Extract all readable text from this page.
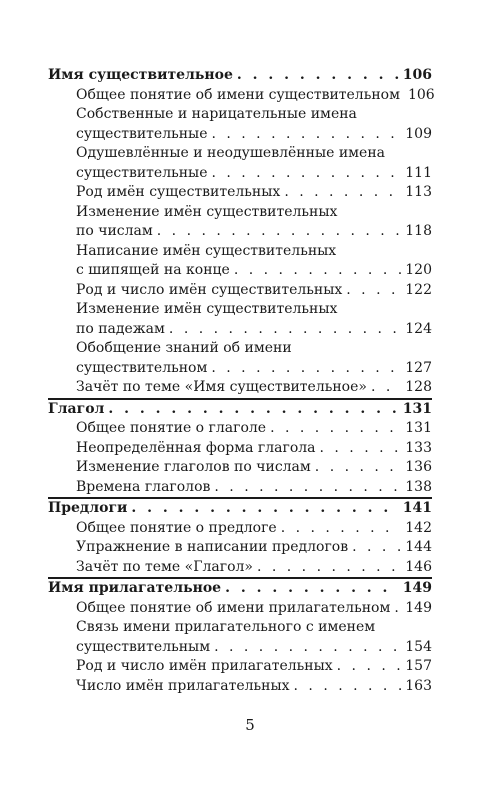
Имя существительное . . .	106
Общее понятие об имени существительном 106
Собственные и нарицательные имена
существительные . . .	109
Одушевлённые и неодушевлённые имена
существительные . . .	111
Род имён существительных . . .	113
Изменение имён существительных
по числам . . .	118
Написание имён существительных
с шипящей на конце . . .	120
Род и число имён существительных . . .	122
Изменение имён существительных
по падежам . . .	124
Обобщение знаний об имени
существительном . . .	127
Зачёт по теме «Имя существительное» . . .	128
Глагол . . .	131
Общее понятие о глаголе . . .	131
Неопределённая форма глагола . . .	133
Изменение глаголов по числам . . .	136
Времена глаголов . . .	138
Предлоги . . .	141
Общее понятие о предлоге . . .	142
Упражнение в написании предлогов . . .	144
Зачёт по теме «Глагол» . . .	146
Имя прилагательное . . .	149
Общее понятие об имени прилагательном . . . 149
Связь имени прилагательного с именем
существительным . . .	154
Род и число имён прилагательных . . .	157
Число имён прилагательных . . .	163
5
